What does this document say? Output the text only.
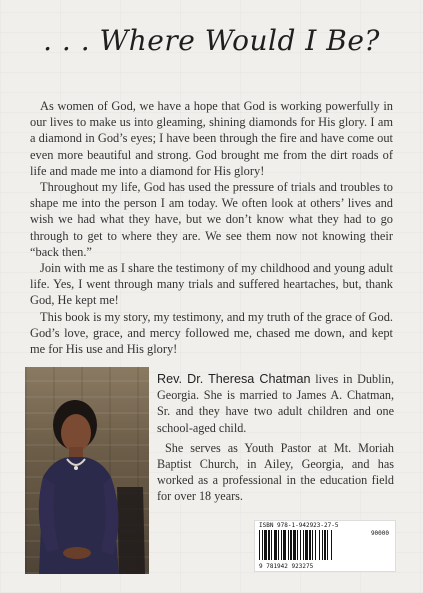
. . . Where Would I Be?

As women of God, we have a hope that God is working powerfully in our lives to make us into gleaming, shining diamonds for His glory. I am a diamond in God’s eyes; I have been through the fire and have come out even more beautiful and strong. God brought me from the dirt roads of life and made me into a diamond for His glory!

Throughout my life, God has used the pressure of trials and troubles to shape me into the person I am today. We often look at others’ lives and wish we had what they have, but we don’t know what they had to go through to get to where they are. We see them now not knowing their “back then.”

Join with me as I share the testimony of my childhood and young adult life. Yes, I went through many trials and suffered heartaches, but, thank God, He kept me!

This book is my story, my testimony, and my truth of the grace of God. God’s love, grace, and mercy followed me, chased me down, and kept me for His use and His glory!

Rev. Dr. Theresa Chatman lives in Dublin, Georgia. She is married to James A. Chatman, Sr. and they have two adult children and one school-aged child.

She serves as Youth Pastor at Mt. Moriah Baptist Church, in Ailey, Georgia, and has worked as a professional in the education field for over 18 years.

ISBN 978-1-942923-27-5
90000
9 781942 923275
